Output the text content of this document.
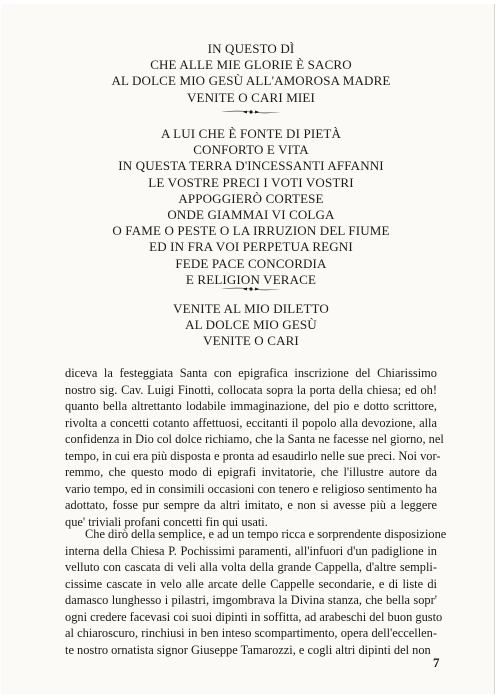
IN QUESTO DÌ
CHE ALLE MIE GLORIE È SACRO
AL DOLCE MIO GESÙ ALL'AMOROSA MADRE
VENITE O CARI MIEI
A LUI CHE È FONTE DI PIETÀ
CONFORTO E VITA
IN QUESTA TERRA D'INCESSANTI AFFANNI
LE VOSTRE PRECI I VOTI VOSTRI
APPOGGIERÒ CORTESE
ONDE GIAMMAI VI COLGA
O FAME O PESTE O LA IRRUZION DEL FIUME
ED IN FRA VOI PERPETUA REGNI
FEDE PACE CONCORDIA
E RELIGION VERACE
VENITE AL MIO DILETTO
AL DOLCE MIO GESÙ
VENITE O CARI
diceva la festeggiata Santa con epigrafica inscrizione del Chiarissimo
nostro sig. Cav. Luigi Finotti, collocata sopra la porta della chiesa; ed oh!
quanto bella altrettanto lodabile immaginazione, del pio e dotto scrittore,
rivolta a concetti cotanto affettuosi, eccitanti il popolo alla devozione, alla
confidenza in Dio col dolce richiamo, che la Santa ne facesse nel giorno, nel
tempo, in cui era più disposta e pronta ad esaudirlo nelle sue preci. Noi vor-
remmo, che questo modo di epigrafi invitatorie, che l'illustre autore da
vario tempo, ed in consimili occasioni con tenero e religioso sentimento ha
adottato, fosse pur sempre da altri imitato, e non si avesse più a leggere
que' triviali profani concetti fin qui usati.
Che dirò della semplice, e ad un tempo ricca e sorprendente disposizione
interna della Chiesa P. Pochissimi paramenti, all'infuori d'un padiglione in
velluto con cascata di veli alla volta della grande Cappella, d'altre sempli-
cissime cascate in velo alle arcate delle Cappelle secondarie, e di liste di
damasco lunghesso i pilastri, imgombrava la Divina stanza, che bella sopr'
ogni credere facevasi coi suoi dipinti in soffitta, ad arabeschi del buon gusto
al chiaroscuro, rinchiusi in ben inteso scompartimento, opera dell'eccellen-
te nostro ornatista signor Giuseppe Tamarozzi, e cogli altri dipinti del non
7
